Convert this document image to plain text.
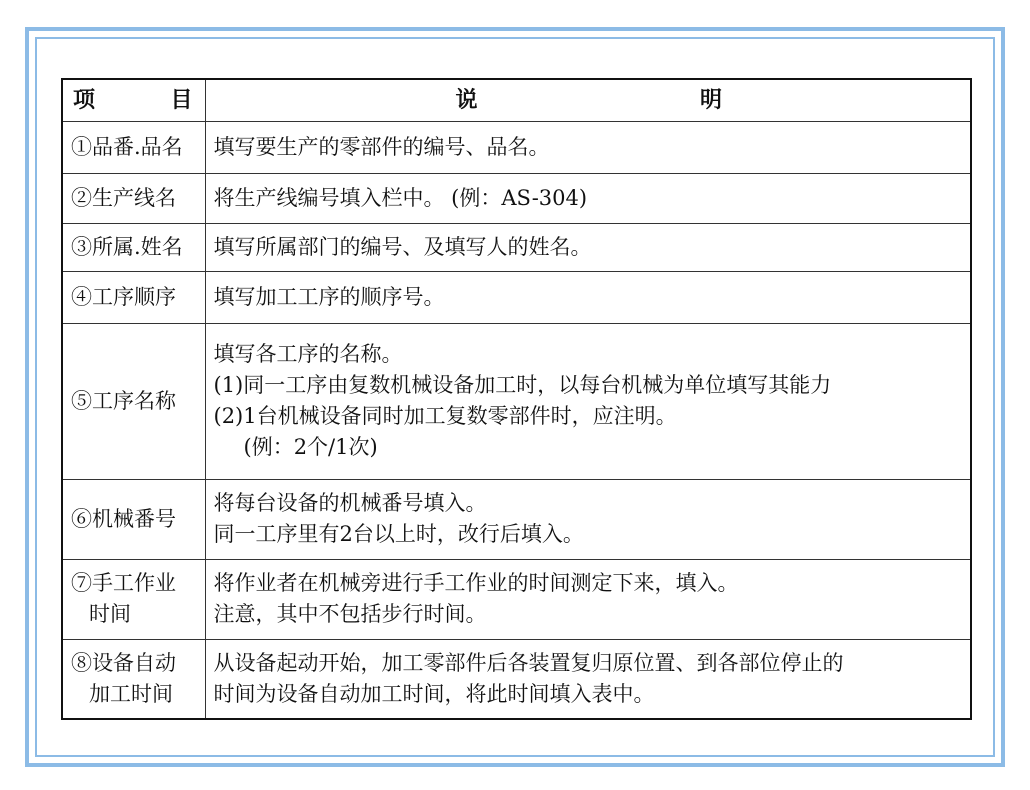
项 目	说 明

①品番.品名	填写要生产的零部件的编号、品名。

②生产线名	将生产线编号填入栏中。 (例：AS-304)

③所属.姓名	填写所属部门的编号、及填写人的姓名。

④工序顺序	填写加工工序的顺序号。

⑤工序名称	填写各工序的名称。
(1)同一工序由复数机械设备加工时，以每台机械为单位填写其能力
(2)1台机械设备同时加工复数零部件时，应注明。
(例：2个/1次)

⑥机械番号	将每台设备的机械番号填入。
同一工序里有2台以上时，改行后填入。

⑦手工作业
时间	将作业者在机械旁进行手工作业的时间测定下来，填入。
注意，其中不包括步行时间。

⑧设备自动
加工时间	从设备起动开始，加工零部件后各装置复归原位置、到各部位停止的
时间为设备自动加工时间，将此时间填入表中。
